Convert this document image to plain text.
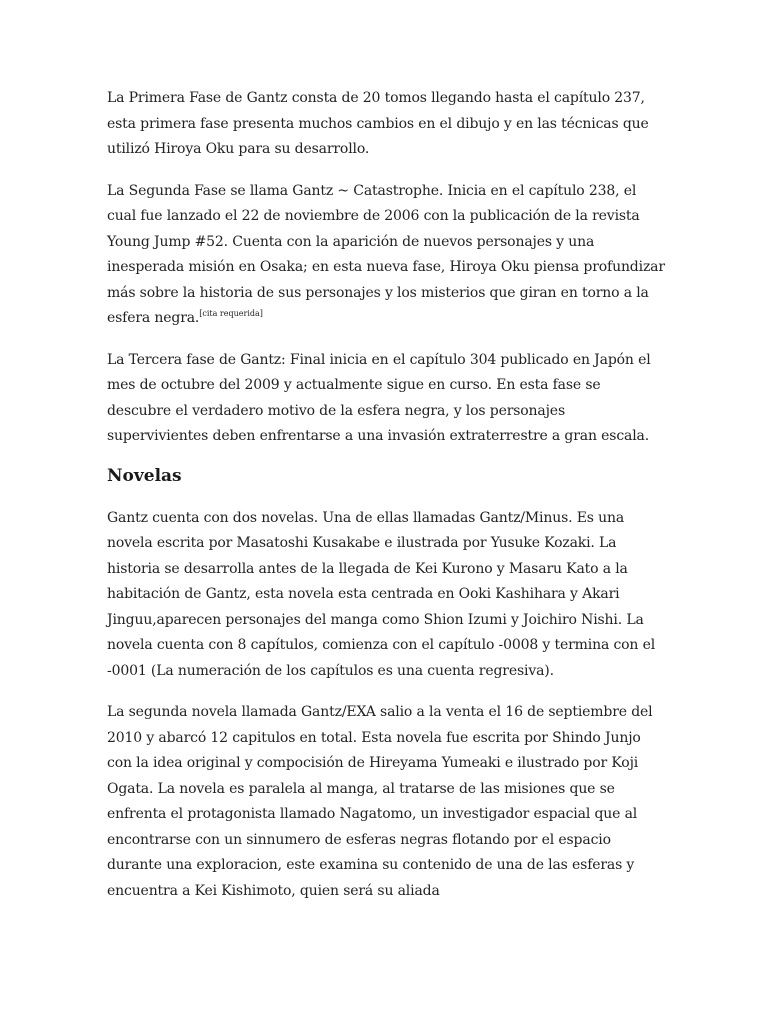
La Primera Fase de Gantz consta de 20 tomos llegando hasta el capítulo 237, esta primera fase presenta muchos cambios en el dibujo y en las técnicas que utilizó Hiroya Oku para su desarrollo.

La Segunda Fase se llama Gantz ~ Catastrophe. Inicia en el capítulo 238, el cual fue lanzado el 22 de noviembre de 2006 con la publicación de la revista Young Jump #52. Cuenta con la aparición de nuevos personajes y una inesperada misión en Osaka; en esta nueva fase, Hiroya Oku piensa profundizar más sobre la historia de sus personajes y los misterios que giran en torno a la esfera negra.[cita requerida]

La Tercera fase de Gantz: Final inicia en el capítulo 304 publicado en Japón el mes de octubre del 2009 y actualmente sigue en curso. En esta fase se descubre el verdadero motivo de la esfera negra, y los personajes supervivientes deben enfrentarse a una invasión extraterrestre a gran escala.

Novelas

Gantz cuenta con dos novelas. Una de ellas llamadas Gantz/Minus. Es una novela escrita por Masatoshi Kusakabe e ilustrada por Yusuke Kozaki. La historia se desarrolla antes de la llegada de Kei Kurono y Masaru Kato a la habitación de Gantz, esta novela esta centrada en Ooki Kashihara y Akari Jinguu,aparecen personajes del manga como Shion Izumi y Joichiro Nishi. La novela cuenta con 8 capítulos, comienza con el capítulo -0008 y termina con el -0001 (La numeración de los capítulos es una cuenta regresiva).

La segunda novela llamada Gantz/EXA salio a la venta el 16 de septiembre del 2010 y abarcó 12 capitulos en total. Esta novela fue escrita por Shindo Junjo con la idea original y compocisión de Hireyama Yumeaki e ilustrado por Koji Ogata. La novela es paralela al manga, al tratarse de las misiones que se enfrenta el protagonista llamado Nagatomo, un investigador espacial que al encontrarse con un sinnumero de esferas negras flotando por el espacio durante una exploracion, este examina su contenido de una de las esferas y encuentra a Kei Kishimoto, quien será su aliada
